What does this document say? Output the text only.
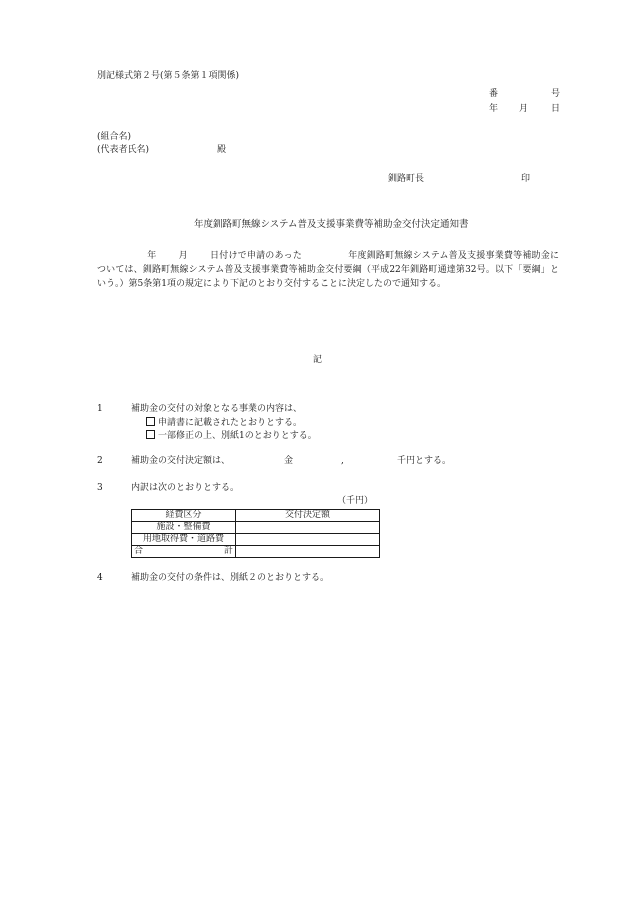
別記様式第２号(第５条第１項関係)
番	号
年 月	日
(組合名)
(代表者氏名)	殿
釧路町長	印
年度釧路町無線システム普及支援事業費等補助金交付決定通知書
年 月 日付けで申請のあった	年度釧路町無線システム普及支援事業費等補助金については、釧路町無線システム普及支援事業費等補助金交付要綱（平成22年釧路町通達第32号。以下「要綱」という。）第5条第1項の規定により下記のとおり交付することに決定したので通知する。
記
1	補助金の交付の対象となる事業の内容は、
申請書に記載されたとおりとする。
一部修正の上、別紙1のとおりとする。
2	補助金の交付決定額は、	金	,	千円とする。
3	内訳は次のとおりとする。
（千円）
経費区分	交付決定額
施設・整備費	
用地取得費・道路費	
合　　計	
4	補助金の交付の条件は、別紙２のとおりとする。
